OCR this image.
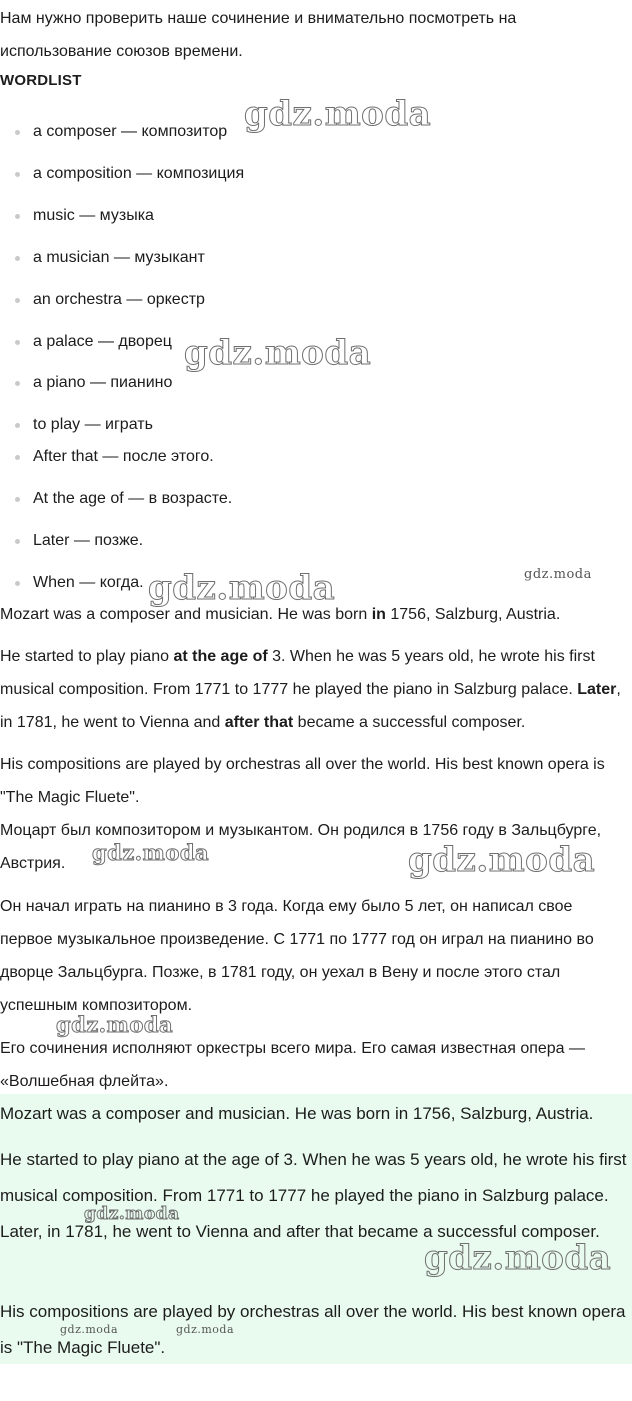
Нам нужно проверить наше сочинение и внимательно посмотреть на использование союзов времени.

WORDLIST
a composer — композитор
a composition — композиция
music — музыка
a musician — музыкант
an orchestra — оркестр
a palace — дворец
a piano — пианино
to play — играть
After that — после этого.
At the age of — в возрасте.
Later — позже.
When — когда.

Mozart was a composer and musician. He was born in 1756, Salzburg, Austria.

He started to play piano at the age of 3. When he was 5 years old, he wrote his first musical composition. From 1771 to 1777 he played the piano in Salzburg palace. Later, in 1781, he went to Vienna and after that became a successful composer.

His compositions are played by orchestras all over the world. His best known opera is "The Magic Fluete".

Моцарт был композитором и музыкантом. Он родился в 1756 году в Зальцбурге, Австрия.

Он начал играть на пианино в 3 года. Когда ему было 5 лет, он написал свое первое музыкальное произведение. С 1771 по 1777 год он играл на пианино во дворце Зальцбурга. Позже, в 1781 году, он уехал в Вену и после этого стал успешным композитором.

Его сочинения исполняют оркестры всего мира. Его самая известная опера — «Волшебная флейта».

Mozart was a composer and musician. He was born in 1756, Salzburg, Austria.

He started to play piano at the age of 3. When he was 5 years old, he wrote his first musical composition. From 1771 to 1777 he played the piano in Salzburg palace. Later, in 1781, he went to Vienna and after that became a successful composer.

His compositions are played by orchestras all over the world. His best known opera is "The Magic Fluete".

gdz.moda
gdz.moda
gdz.moda	gdz.moda
gdz.moda	gdz.moda
gdz.moda
gdz.moda	gdz.moda
